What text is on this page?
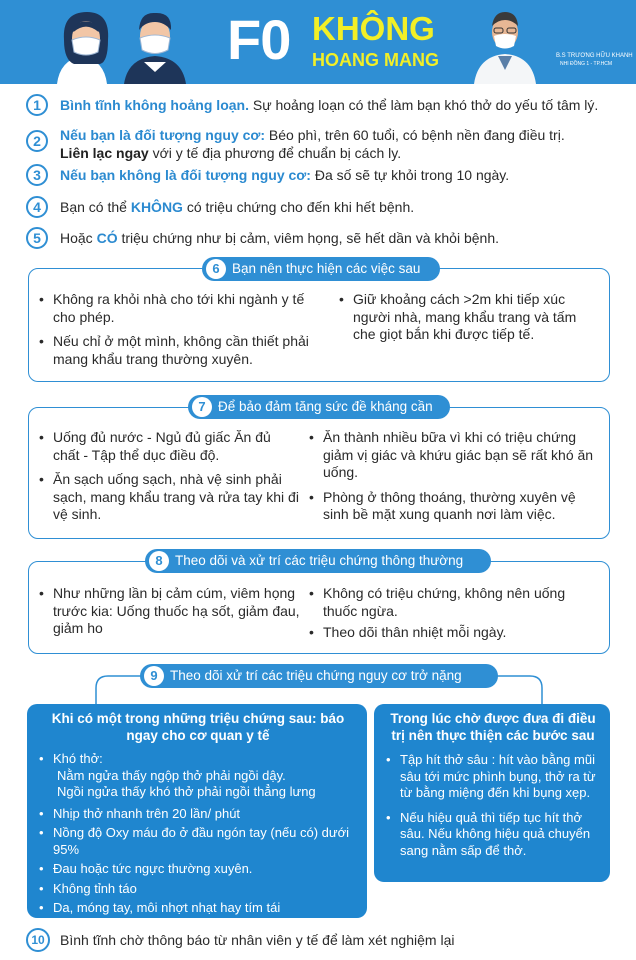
F0 KHÔNG
HOANG MANG	B.S TRƯƠNG HỮU KHANH
NHI ĐỒNG 1 - TP.HCM
1	Bình tĩnh không hoảng loạn. Sự hoảng loạn có thể làm bạn khó thở do yếu tố tâm lý.
2	Nếu bạn là đối tượng nguy cơ: Béo phì, trên 60 tuổi, có bệnh nền đang điều trị.
Liên lạc ngay với y tế địa phương để chuẩn bị cách ly.
3	Nếu bạn không là đối tượng nguy cơ: Đa số sẽ tự khỏi trong 10 ngày.
4	Bạn có thể KHÔNG có triệu chứng cho đến khi hết bệnh.
5	Hoặc CÓ triệu chứng như bị cảm, viêm họng, sẽ hết dần và khỏi bệnh.
• Không ra khỏi nhà cho tới khi ngành y tế cho phép.
• Nếu chỉ ở một mình, không cần thiết phải mang khẩu trang thường xuyên.
• Giữ khoảng cách >2m khi tiếp xúc người nhà, mang khẩu trang và tấm che giọt bắn khi được tiếp tế.
6 Bạn nên thực hiện các việc sau
• Uống đủ nước - Ngủ đủ giấc Ăn đủ chất - Tập thể dục điều độ.
• Ăn sạch uống sạch, nhà vệ sinh phải sạch, mang khẩu trang và rửa tay khi đi vệ sinh.
• Ăn thành nhiều bữa vì khi có triệu chứng giảm vị giác và khứu giác bạn sẽ rất khó ăn uống.
• Phòng ở thông thoáng, thường xuyên vệ sinh bề mặt xung quanh nơi làm việc.
7 Để bảo đảm tăng sức đề kháng cần
• Như những lần bị cảm cúm, viêm họng trước kia: Uống thuốc hạ sốt, giảm đau, giảm ho
• Không có triệu chứng, không nên uống thuốc ngừa.
• Theo dõi thân nhiệt mỗi ngày.
8 Theo dõi và xử trí các triệu chứng thông thường
9 Theo dõi xử trí các triệu chứng nguy cơ trở nặng
Khi có một trong những triệu chứng sau: báo ngay cho cơ quan y tế
• Khó thở:
Nằm ngửa thấy ngộp thở phải ngồi dậy.
Ngồi ngửa thấy khó thở phải ngồi thẳng lưng
• Nhịp thở nhanh trên 20 lần/ phút
• Nồng độ Oxy máu đo ở đầu ngón tay (nếu có) dưới 95%
• Đau hoặc tức ngực thường xuyên.
• Không tỉnh táo
• Da, móng tay, môi nhợt nhạt hay tím tái
Trong lúc chờ được đưa đi điều trị nên thực thiện các bước sau
• Tập hít thở sâu : hít vào bằng mũi sâu tới mức phình bụng, thở ra từ từ bằng miệng đến khi bụng xẹp.
• Nếu hiệu quả thì tiếp tục hít thở sâu. Nếu không hiệu quả chuyển sang nằm sấp để thở.
10	Bình tĩnh chờ thông báo từ nhân viên y tế để làm xét nghiệm lại
